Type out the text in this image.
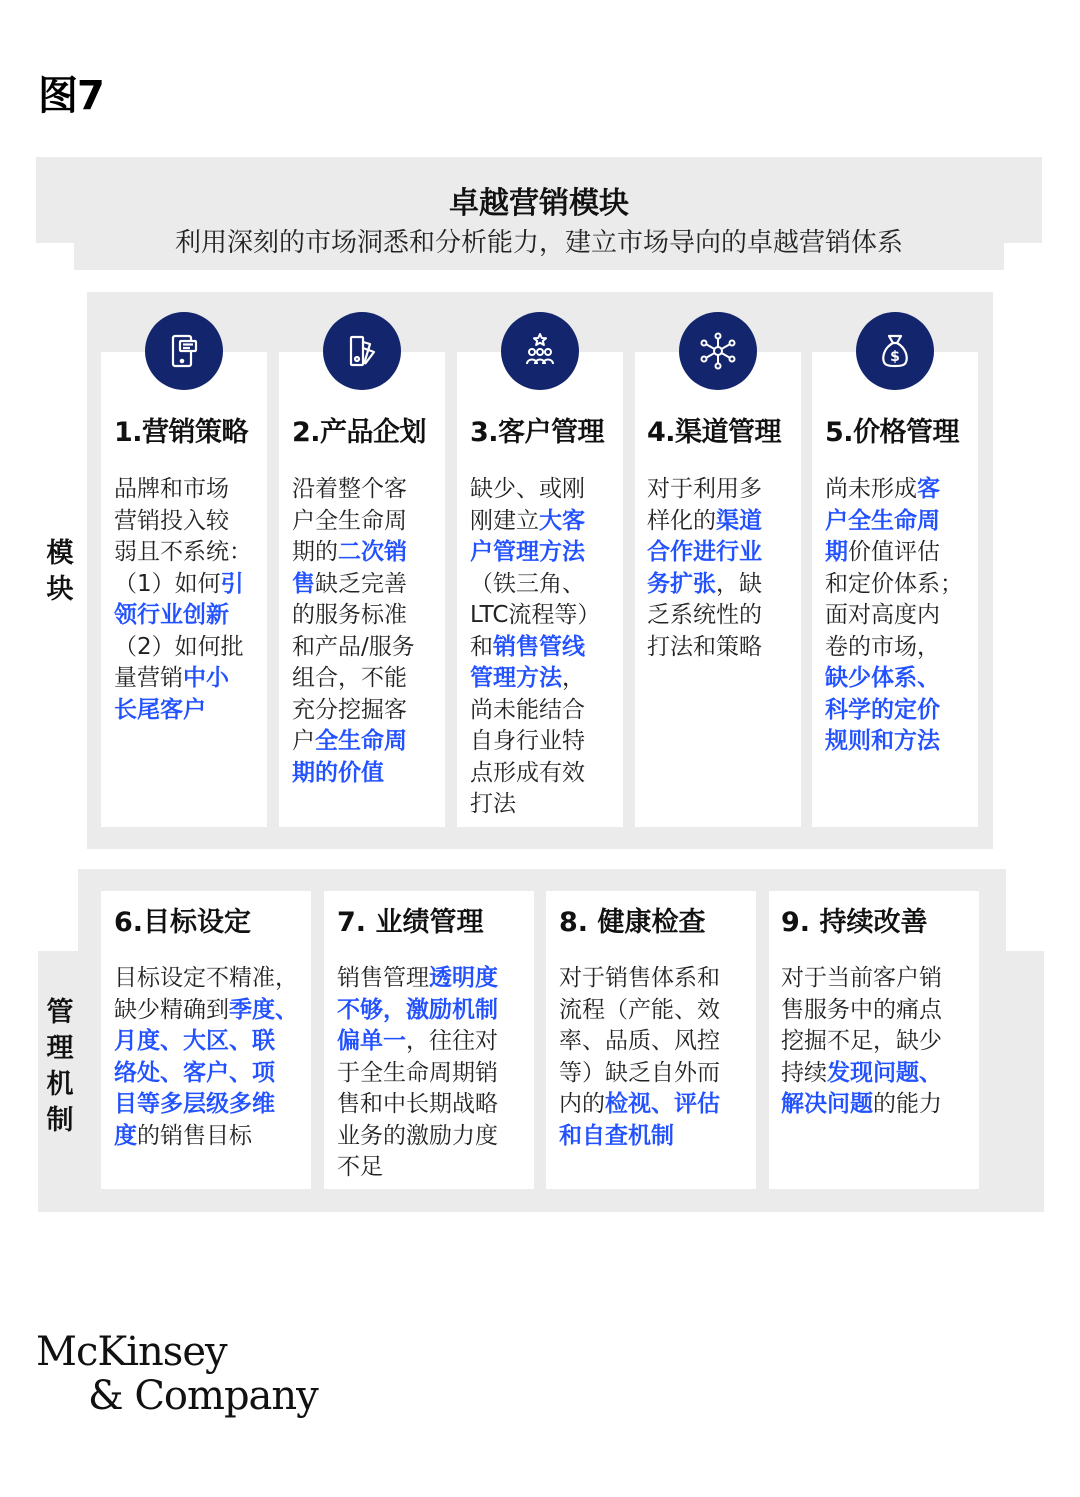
图7
卓越营销模块
利用深刻的市场洞悉和分析能力，建立市场导向的卓越营销体系
模
块
$
1.营销策略 2.产品企划 3.客户管理 4.渠道管理 5.价格管理

品牌和市场

营销投入较

弱且不系统：

（1）如何引

领行业创新

（2）如何批

量营销中小

长尾客户

沿着整个客

户全生命周

期的二次销

售缺乏完善

的服务标准

和产品/服务

组合，不能

充分挖掘客

户全生命周

期的价值

缺少、或刚

刚建立大客

户管理方法

（铁三角、

LTC流程等）

和销售管线

管理方法，

尚未能结合

自身行业特

点形成有效

打法

对于利用多

样化的渠道

合作进行业

务扩张，缺

乏系统性的

打法和策略

尚未形成客

户全生命周

期价值评估

和定价体系；

面对高度内

卷的市场，

缺少体系、

科学的定价

规则和方法

管
理
机
制
6.目标设定	7. 业绩管理	8. 健康检查	9. 持续改善

目标设定不精准，

缺少精确到季度、

月度、大区、联

络处、客户、项

目等多层级多维

度的销售目标

销售管理透明度

不够，激励机制

偏单一，往往对

于全生命周期销

售和中长期战略

业务的激励力度

不足

对于销售体系和

流程（产能、效

率、品质、风控

等）缺乏自外而

内的检视、评估

和自查机制

对于当前客户销

售服务中的痛点

挖掘不足，缺少

持续发现问题、

解决问题的能力

McKinsey
& Company
